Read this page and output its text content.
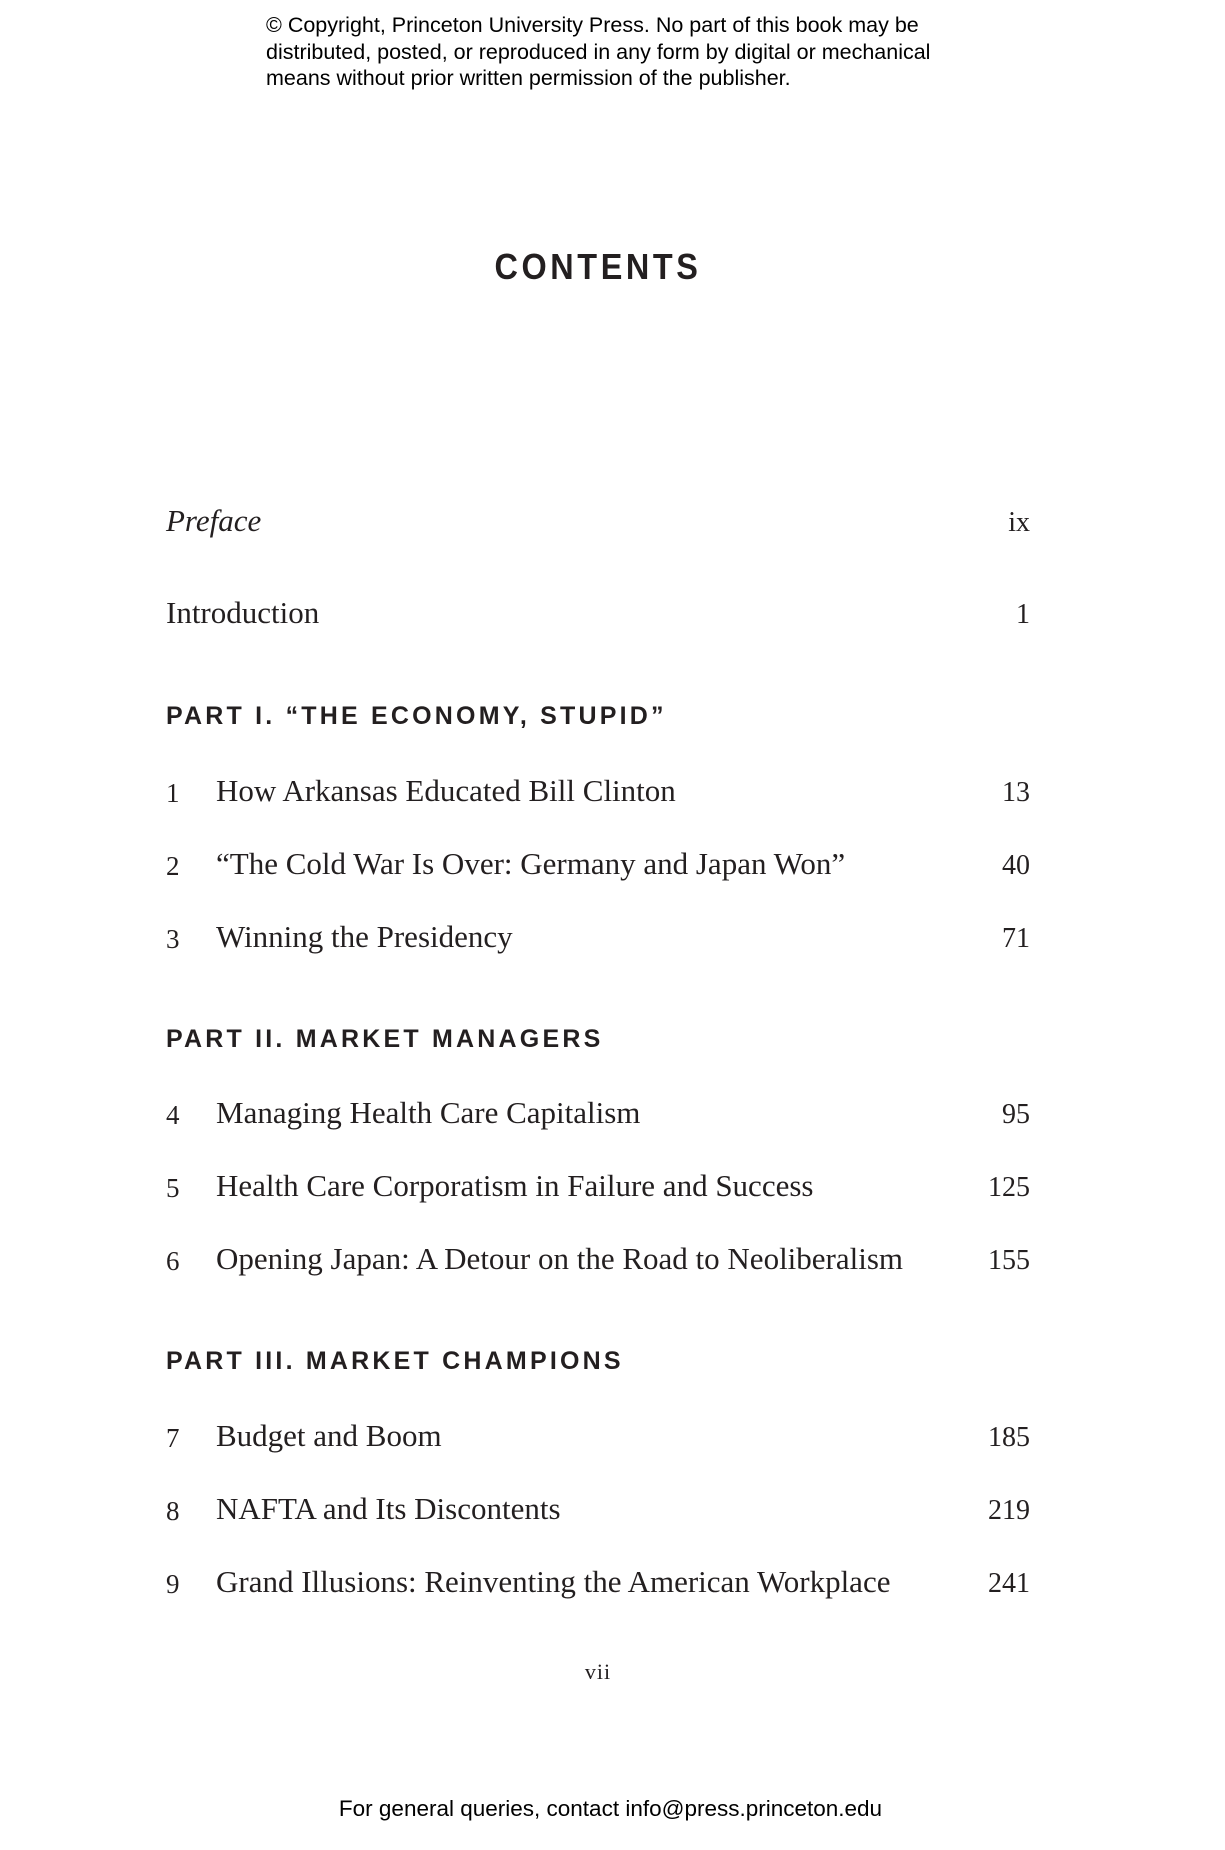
© Copyright, Princeton University Press. No part of this book may be distributed, posted, or reproduced in any form by digital or mechanical means without prior written permission of the publisher.
CONTENTS
Preface	ix
Introduction	1
PART I. “THE ECONOMY, STUPID”
1 How Arkansas Educated Bill Clinton	13
2 “The Cold War Is Over: Germany and Japan Won”	40
3 Winning the Presidency	71
PART II. MARKET MANAGERS
4 Managing Health Care Capitalism	95
5 Health Care Corporatism in Failure and Success	125
6 Opening Japan: A Detour on the Road to Neoliberalism	155
PART III. MARKET CHAMPIONS
7 Budget and Boom	185
8 NAFTA and Its Discontents	219
9 Grand Illusions: Reinventing the American Workplace	241
vii
For general queries, contact info@press.princeton.edu
